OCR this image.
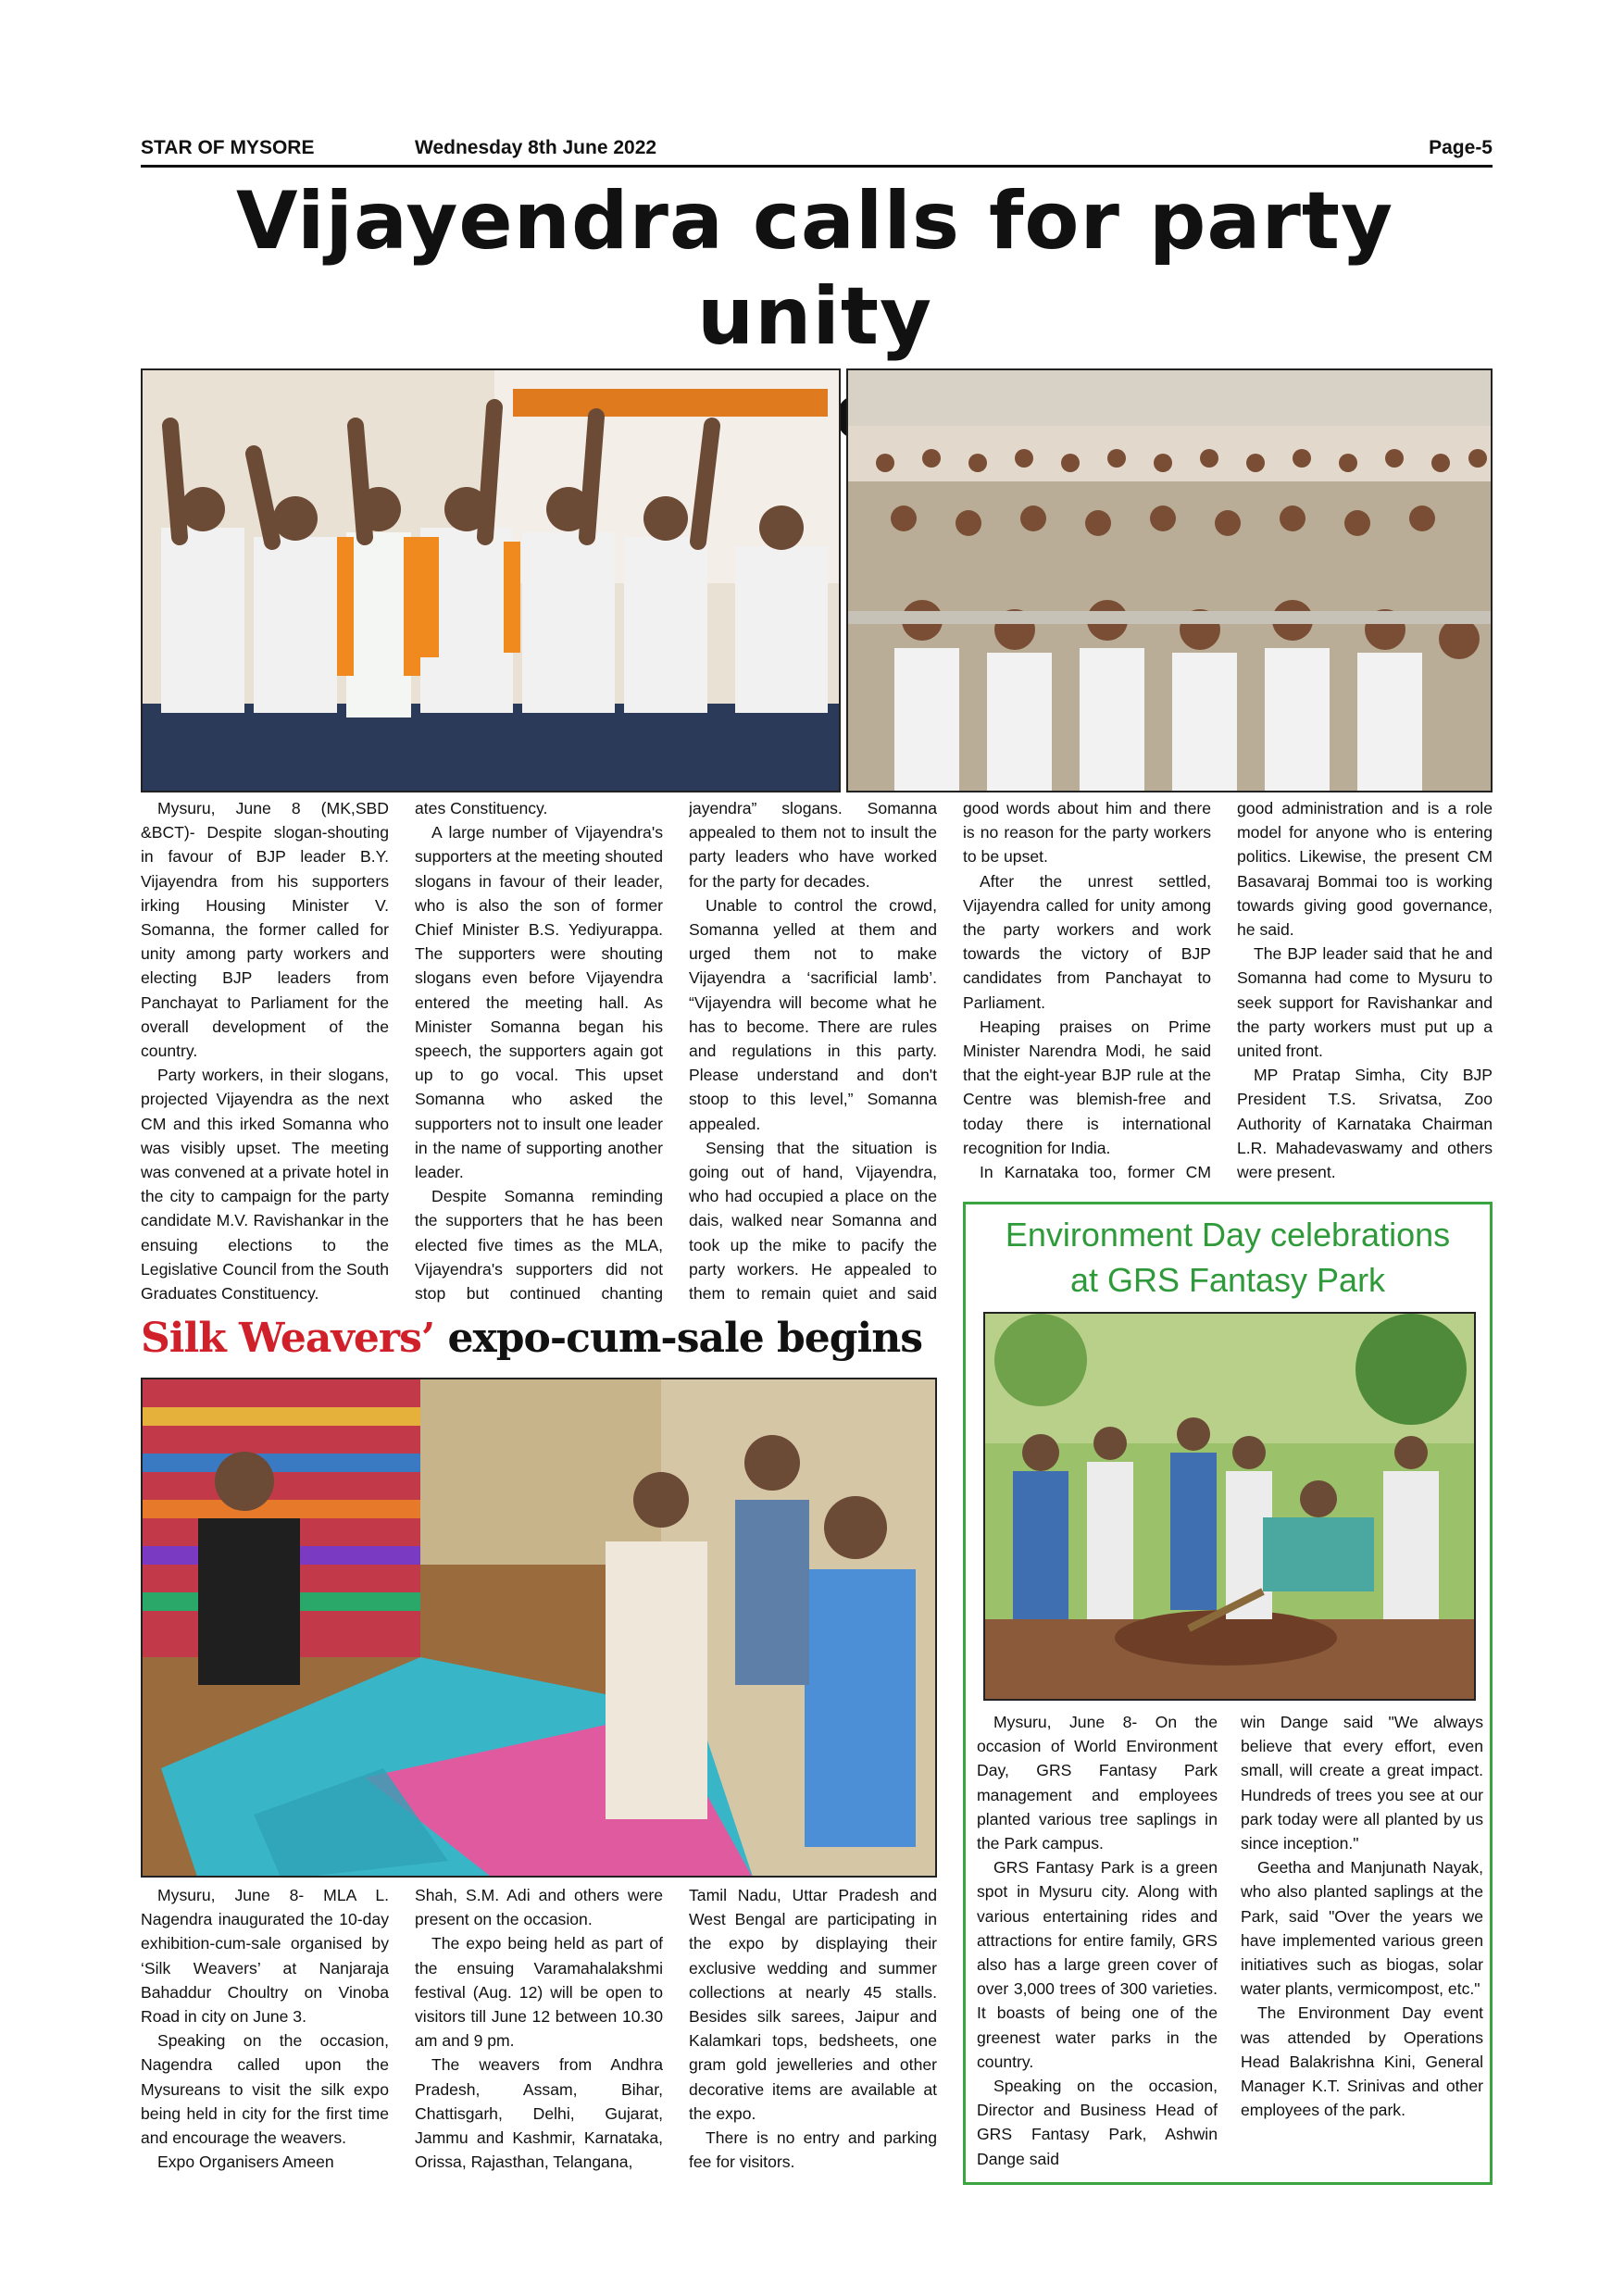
STAR OF MYSORE	Wednesday 8th June 2022	Page-5
Vijayendra calls for party unity

Mysuru, June 8 (MK,SBD &BCT)- Despite slogan-shouting in favour of BJP leader B.Y. Vijayendra from his supporters irking Housing Minister V. Somanna, the former called for unity among party workers and electing BJP leaders from Panchayat to Parliament for the overall development of the country.

Party workers, in their slogans, projected Vijayendra as the next CM and this irked Somanna who was visibly upset. The meeting was convened at a private hotel in the city to campaign for the party candidate M.V. Ravishankar in the ensuing elections to the Legislative Council from the South Graduates Constituency.

ates Constituency.

A large number of Vijayendra's supporters at the meeting shouted slogans in favour of their leader, who is also the son of former Chief Minister B.S. Yediyurappa. The supporters were shouting slogans even before Vijayendra entered the meeting hall. As Minister Somanna began his speech, the supporters again got up to go vocal. This upset Somanna who asked the supporters not to insult one leader in the name of supporting another leader.

Despite Somanna reminding the supporters that he has been elected five times as the MLA, Vijayendra's supporters did not stop but continued chanting

jayendra” slogans. Somanna appealed to them not to insult the party leaders who have worked for the party for decades.

Unable to control the crowd, Somanna yelled at them and urged them not to make Vijayendra a ‘sacrificial lamb’. “Vijayendra will become what he has to become. There are rules and regulations in this party. Please understand and don't stoop to this level,” Somanna appealed.

Sensing that the situation is going out of hand, Vijayendra, who had occupied a place on the dais, walked near Somanna and took up the mike to pacify the party workers. He appealed to them to remain quiet and said

good words about him and there is no reason for the party workers to be upset.

After the unrest settled, Vijayendra called for unity among the party workers and work towards the victory of BJP candidates from Panchayat to Parliament.

Heaping praises on Prime Minister Narendra Modi, he said that the eight-year BJP rule at the Centre was blemish-free and today there is international recognition for India.

In Karnataka too, former CM

good administration and is a role model for anyone who is entering politics. Likewise, the present CM Basavaraj Bommai too is working towards giving good governance, he said.

The BJP leader said that he and Somanna had come to Mysuru to seek support for Ravishankar and the party workers must put up a united front.

MP Pratap Simha, City BJP President T.S. Srivatsa, Zoo Authority of Karnataka Chairman L.R. Mahadevaswamy and others were present.

Silk Weavers’ expo-cum-sale begins

Mysuru, June 8- MLA L. Nagendra inaugurated the 10-day exhibition-cum-sale organised by ‘Silk Weavers’ at Nanjaraja Bahaddur Choultry on Vinoba Road in city on June 3.

Speaking on the occasion, Nagendra called upon the Mysureans to visit the silk expo being held in city for the first time and encourage the weavers.

Expo Organisers Ameen

Shah, S.M. Adi and others were present on the occasion.

The expo being held as part of the ensuing Varamahalakshmi festival (Aug. 12) will be open to visitors till June 12 between 10.30 am and 9 pm.

The weavers from Andhra Pradesh, Assam, Bihar, Chattisgarh, Delhi, Gujarat, Jammu and Kashmir, Karnataka, Orissa, Rajasthan, Telangana,

Tamil Nadu, Uttar Pradesh and West Bengal are participating in the expo by displaying their exclusive wedding and summer collections at nearly 45 stalls. Besides silk sarees, Jaipur and Kalamkari tops, bedsheets, one gram gold jewelleries and other decorative items are available at the expo.

There is no entry and parking fee for visitors.

Environment Day celebrations
at GRS Fantasy Park

Mysuru, June 8- On the occasion of World Environment Day, GRS Fantasy Park management and employees planted various tree saplings in the Park campus.

GRS Fantasy Park is a green spot in Mysuru city. Along with various entertaining rides and attractions for entire family, GRS also has a large green cover of over 3,000 trees of 300 varieties. It boasts of being one of the greenest water parks in the country.

Speaking on the occasion, Director and Business Head of GRS Fantasy Park, Ashwin Dange said

win Dange said "We always believe that every effort, even small, will create a great impact. Hundreds of trees you see at our park today were all planted by us since inception."

Geetha and Manjunath Nayak, who also planted saplings at the Park, said "Over the years we have implemented various green initiatives such as biogas, solar water plants, vermicompost, etc."

The Environment Day event was attended by Operations Head Balakrishna Kini, General Manager K.T. Srinivas and other employees of the park.
